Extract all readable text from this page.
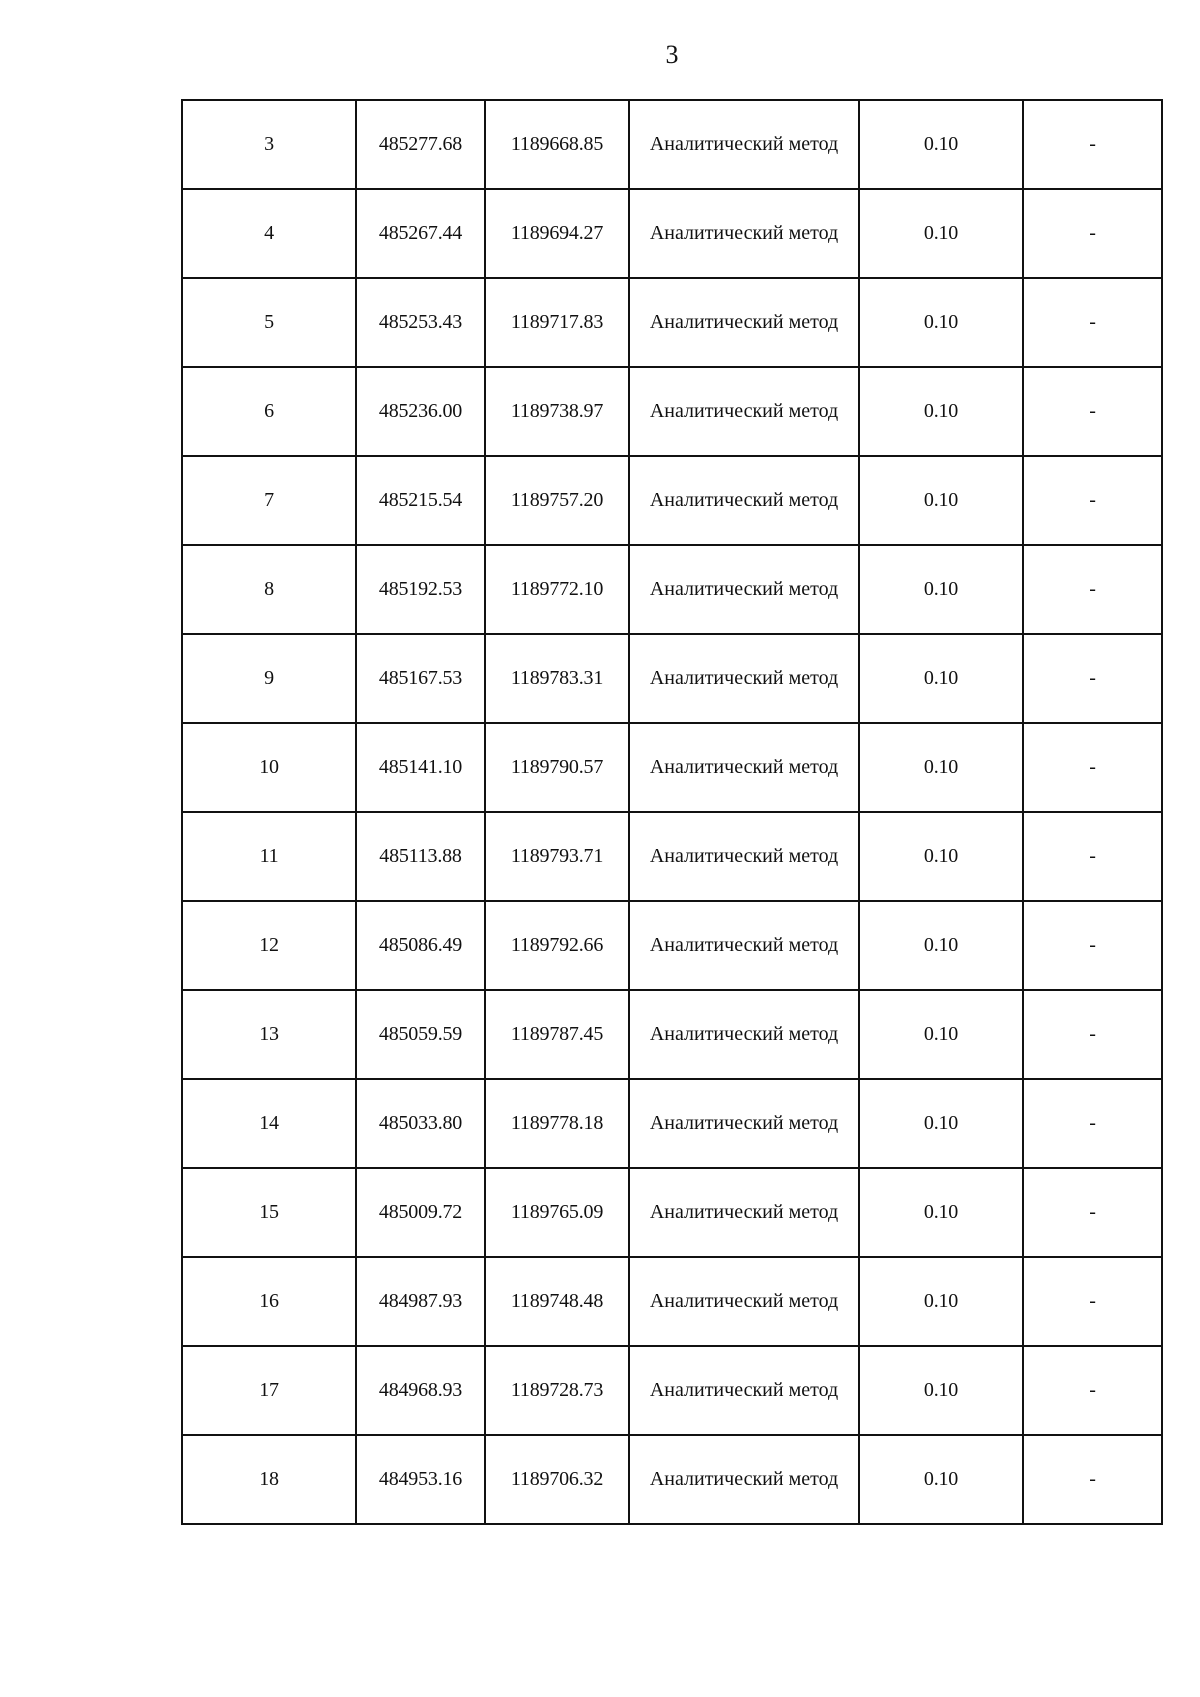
3
3	485277.68	1189668.85	Аналитический метод	0.10	-
4	485267.44	1189694.27	Аналитический метод	0.10	-
5	485253.43	1189717.83	Аналитический метод	0.10	-
6	485236.00	1189738.97	Аналитический метод	0.10	-
7	485215.54	1189757.20	Аналитический метод	0.10	-
8	485192.53	1189772.10	Аналитический метод	0.10	-
9	485167.53	1189783.31	Аналитический метод	0.10	-
10	485141.10	1189790.57	Аналитический метод	0.10	-
11	485113.88	1189793.71	Аналитический метод	0.10	-
12	485086.49	1189792.66	Аналитический метод	0.10	-
13	485059.59	1189787.45	Аналитический метод	0.10	-
14	485033.80	1189778.18	Аналитический метод	0.10	-
15	485009.72	1189765.09	Аналитический метод	0.10	-
16	484987.93	1189748.48	Аналитический метод	0.10	-
17	484968.93	1189728.73	Аналитический метод	0.10	-
18	484953.16	1189706.32	Аналитический метод	0.10	-
